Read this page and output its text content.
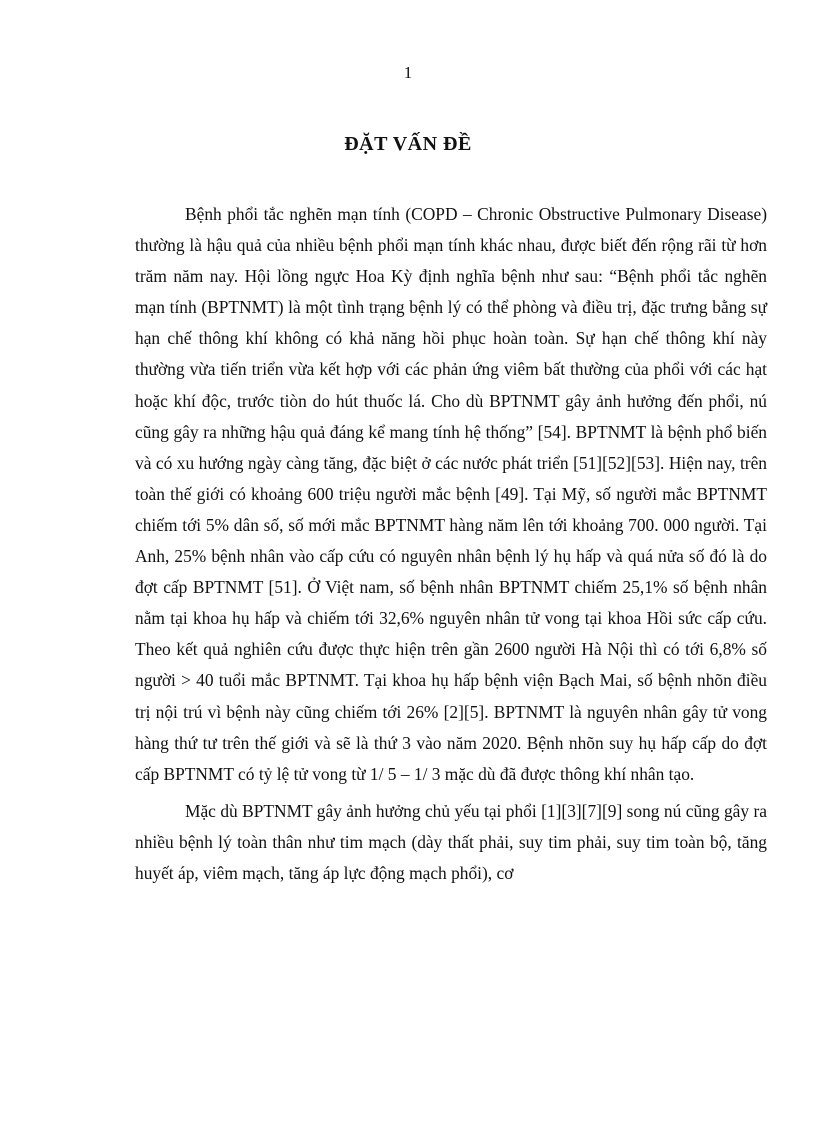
1
ĐẶT VẤN ĐỀ

Bệnh phổi tắc nghẽn mạn tính (COPD – Chronic Obstructive Pulmonary Disease) thường là hậu quả của nhiều bệnh phổi mạn tính khác nhau, được biết đến rộng rãi từ hơn trăm năm nay. Hội lồng ngực Hoa Kỳ định nghĩa bệnh như sau: “Bệnh phổi tắc nghẽn mạn tính (BPTNMT) là một tình trạng bệnh lý có thể phòng và điều trị, đặc trưng bằng sự hạn chế thông khí không có khả năng hồi phục hoàn toàn. Sự hạn chế thông khí này thường vừa tiến triển vừa kết hợp với các phản ứng viêm bất thường của phổi với các hạt hoặc khí độc, trước tiòn do hút thuốc lá. Cho dù BPTNMT gây ảnh hưởng đến phổi, nú cũng gây ra những hậu quả đáng kể mang tính hệ thống” [54]. BPTNMT là bệnh phổ biến và có xu hướng ngày càng tăng, đặc biệt ở các nước phát triển [51][52][53]. Hiện nay, trên toàn thế giới có khoảng 600 triệu người mắc bệnh [49]. Tại Mỹ, số người mắc BPTNMT chiếm tới 5% dân số, số mới mắc BPTNMT hàng năm lên tới khoảng 700. 000 người. Tại Anh, 25% bệnh nhân vào cấp cứu có nguyên nhân bệnh lý hụ hấp và quá nửa số đó là do đợt cấp BPTNMT [51]. Ở Việt nam, số bệnh nhân BPTNMT chiếm 25,1% số bệnh nhân nằm tại khoa hụ hấp và chiếm tới 32,6% nguyên nhân tử vong tại khoa Hồi sức cấp cứu. Theo kết quả nghiên cứu được thực hiện trên gần 2600 người Hà Nội thì có tới 6,8% số người > 40 tuổi mắc BPTNMT. Tại khoa hụ hấp bệnh viện Bạch Mai, số bệnh nhõn điều trị nội trú vì bệnh này cũng chiếm tới 26% [2][5]. BPTNMT là nguyên nhân gây tử vong hàng thứ tư trên thế giới và sẽ là thứ 3 vào năm 2020. Bệnh nhõn suy hụ hấp cấp do đợt cấp BPTNMT có tỷ lệ tử vong từ 1/ 5 – 1/ 3 mặc dù đã được thông khí nhân tạo.

Mặc dù BPTNMT gây ảnh hưởng chủ yếu tại phổi [1][3][7][9] song nú cũng gây ra nhiều bệnh lý toàn thân như tim mạch (dày thất phải, suy tim phải, suy tim toàn bộ, tăng huyết áp, viêm mạch, tăng áp lực động mạch phổi), cơ
